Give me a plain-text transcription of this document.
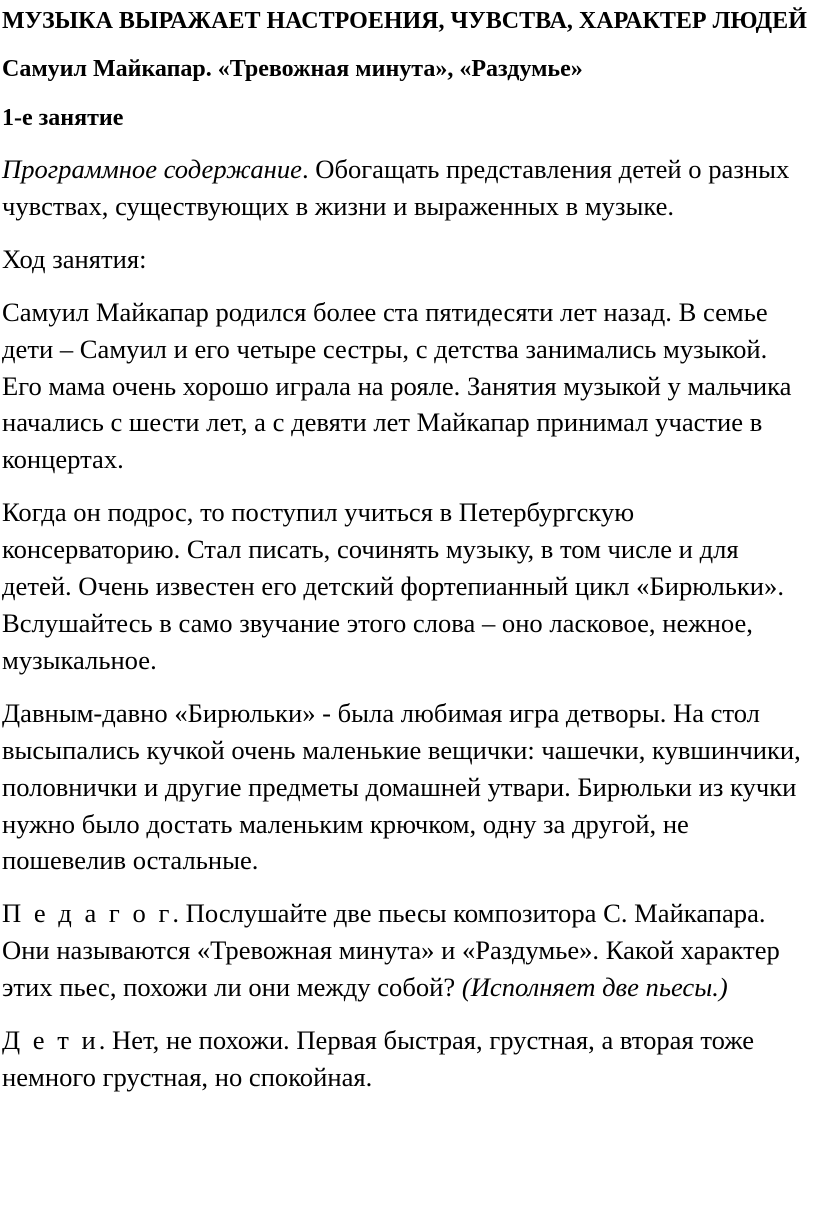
МУЗЫКА ВЫРАЖАЕТ НАСТРОЕНИЯ, ЧУВСТВА, ХАРАКТЕР ЛЮДЕЙ
Самуил Майкапар. «Тревожная минута», «Раздумье»
1-е занятие

Программное содержание. Обогащать представления детей о разных чувствах, существующих в жизни и выраженных в музыке.

Ход занятия:

Самуил Майкапар родился более ста пятидесяти лет назад. В семье дети – Самуил и его четыре сестры, с детства занимались музыкой. Его мама очень хорошо играла на рояле. Занятия музыкой у мальчика начались с шести лет, а с девяти лет Майкапар принимал участие в концертах.

Когда он подрос, то поступил учиться в Петербургскую консерваторию. Стал писать, сочинять музыку, в том числе и для детей. Очень известен его детский фортепианный цикл «Бирюльки». Вслушайтесь в само звучание этого слова – оно ласковое, нежное, музыкальное.

Давным-давно «Бирюльки» - была любимая игра детворы. На стол высыпались кучкой очень маленькие вещички: чашечки, кувшинчики, половнички и другие предметы домашней утвари. Бирюльки из кучки нужно было достать маленьким крючком, одну за другой, не пошевелив остальные.

П е д а г о г. Послушайте две пьесы композитора С. Майкапара. Они называются «Тревожная минута» и «Раздумье». Какой характер этих пьес, похожи ли они между собой? (Исполняет две пьесы.)

Д е т и. Нет, не похожи. Первая быстрая, грустная, а вторая тоже немного грустная, но спокойная.
